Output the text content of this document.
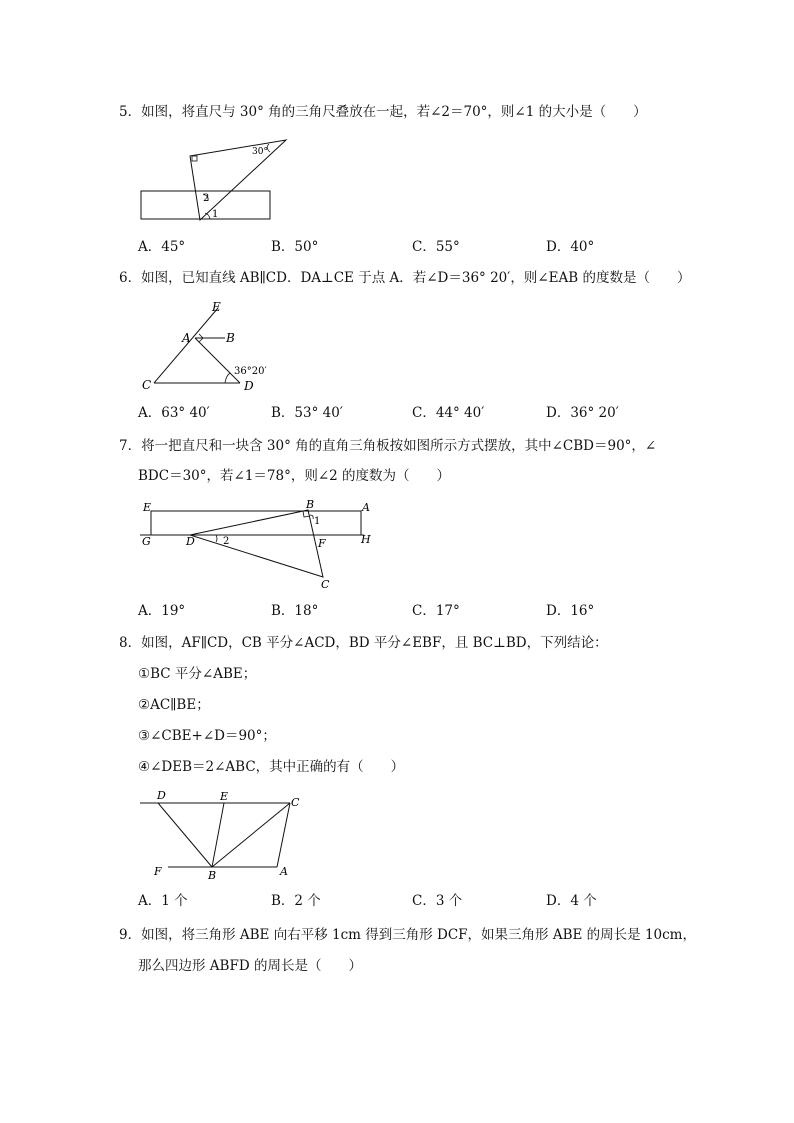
5．如图，将直尺与 30° 角的三角尺叠放在一起，若∠2＝70°，则∠1 的大小是（　　）
30°
2
1
A．45°	B．50°	C．55°	D．40°
6．如图，已知直线 AB∥CD．DA⊥CE 于点 A．若∠D＝36° 20′，则∠EAB 的度数是（　　）
E
A	B
C	D
36°20′
A．63° 40′	B．53° 40′	C．44° 40′	D．36° 20′
7．将一把直尺和一块含 30° 角的直角三角板按如图所示方式摆放，其中∠CBD＝90°，∠
BDC＝30°，若∠1＝78°，则∠2 的度数为（　　）
E	A
B
G	D	F	H
C
1
2
A．19°	B．18°	C．17°	D．16°
8．如图，AF∥CD，CB 平分∠ACD，BD 平分∠EBF，且 BC⊥BD，下列结论：
①BC 平分∠ABE；
②AC∥BE；
③∠CBE+∠D＝90°；
④∠DEB＝2∠ABC，其中正确的有（　　）
D	E	C
F	B	A
A．1 个	B．2 个	C．3 个	D．4 个
9．如图，将三角形 ABE 向右平移 1cm 得到三角形 DCF，如果三角形 ABE 的周长是 10cm，
那么四边形 ABFD 的周长是（　　）
